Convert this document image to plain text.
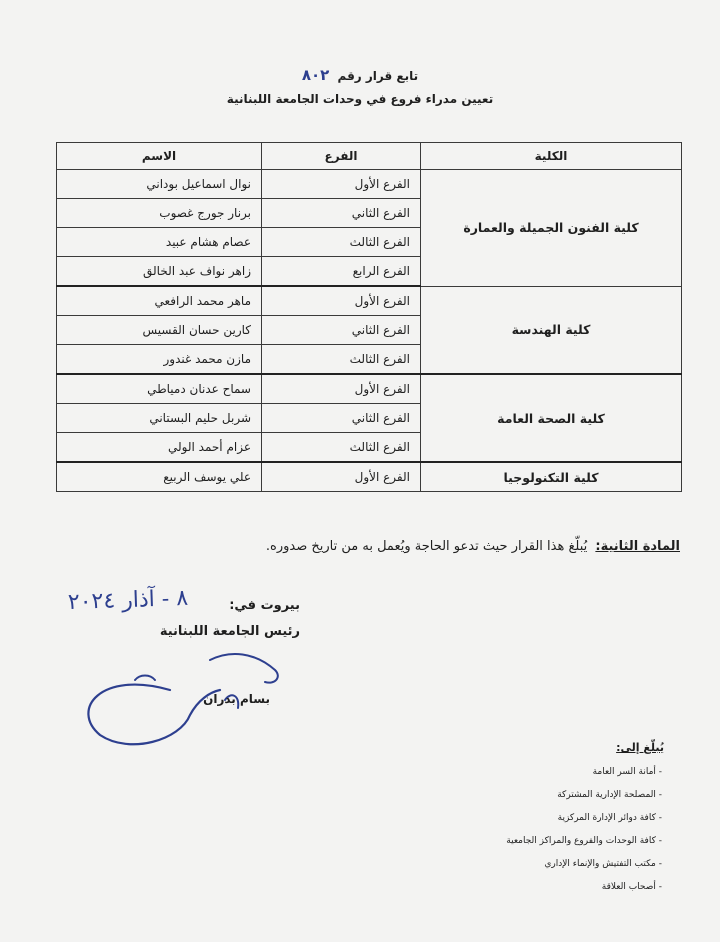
تابع قرار رقم ٨٠٢
تعيين مدراء فروع في وحدات الجامعة اللبنانية
الكلية	الفرع	الاسم
كلية الفنون الجميلة والعمارة	الفرع الأول	نوال اسماعيل بوداني
	الفرع الثاني	برنار جورج غصوب
	الفرع الثالث	عصام هشام عبيد
	الفرع الرابع	زاهر نواف عبد الخالق
كلية الهندسة	الفرع الأول	ماهر محمد الرافعي
	الفرع الثاني	كارين حسان القسيس
	الفرع الثالث	مازن محمد غندور
كلية الصحة العامة	الفرع الأول	سماح عدنان دمياطي
	الفرع الثاني	شربل حليم البستاني
	الفرع الثالث	عزام أحمد الولي
كلية التكنولوجيا	الفرع الأول	علي يوسف الربيع
المادة الثانية: يُبلّغ هذا القرار حيث تدعو الحاجة ويُعمل به من تاريخ صدوره.
بيروت في:
٨ - آذار ٢٠٢٤
رئيس الجامعة اللبنانية
بسام بدران
يُبلّغ إلى:
- أمانة السر العامة
- المصلحة الإدارية المشتركة
- كافة دوائر الإدارة المركزية
- كافة الوحدات والفروع والمراكز الجامعية
- مكتب التفتيش والإنماء الإداري
- أصحاب العلاقة
